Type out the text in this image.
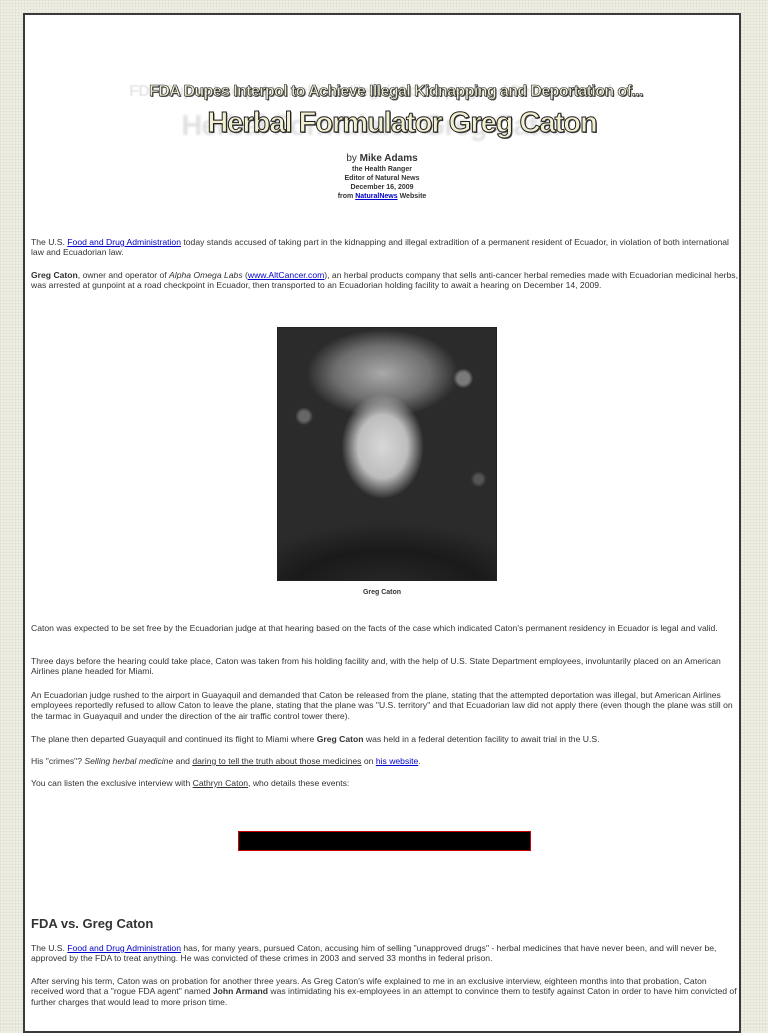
FDA Dupes Interpol to Achieve Illegal Kidnapping and Deportation of...
Herbal Formulator Greg Caton
by Mike Adams
the Health Ranger
Editor of Natural News
December 16, 2009
from NaturalNews Website

The U.S. Food and Drug Administration today stands accused of taking part in the kidnapping and illegal extradition of a permanent resident of Ecuador, in violation of both international law and Ecuadorian law.

Greg Caton, owner and operator of Alpha Omega Labs (www.AltCancer.com), an herbal products company that sells anti-cancer herbal remedies made with Ecuadorian medicinal herbs, was arrested at gunpoint at a road checkpoint in Ecuador, then transported to an Ecuadorian holding facility to await a hearing on December 14, 2009.

Greg Caton

Caton was expected to be set free by the Ecuadorian judge at that hearing based on the facts of the case which indicated Caton's permanent residency in Ecuador is legal and valid.

Three days before the hearing could take place, Caton was taken from his holding facility and, with the help of U.S. State Department employees, involuntarily placed on an American Airlines plane headed for Miami.

An Ecuadorian judge rushed to the airport in Guayaquil and demanded that Caton be released from the plane, stating that the attempted deportation was illegal, but American Airlines employees reportedly refused to allow Caton to leave the plane, stating that the plane was "U.S. territory" and that Ecuadorian law did not apply there (even though the plane was still on the tarmac in Guayaquil and under the direction of the air traffic control tower there).

The plane then departed Guayaquil and continued its flight to Miami where Greg Caton was held in a federal detention facility to await trial in the U.S.

His "crimes"? Selling herbal medicine and daring to tell the truth about those medicines on his website.

You can listen the exclusive interview with Cathryn Caton, who details these events:

FDA vs. Greg Caton

The U.S. Food and Drug Administration has, for many years, pursued Caton, accusing him of selling "unapproved drugs" - herbal medicines that have never been, and will never be, approved by the FDA to treat anything. He was convicted of these crimes in 2003 and served 33 months in federal prison.

After serving his term, Caton was on probation for another three years. As Greg Caton's wife explained to me in an exclusive interview, eighteen months into that probation, Caton received word that a "rogue FDA agent" named John Armand was intimidating his ex-employees in an attempt to convince them to testify against Caton in order to have him convicted of further charges that would lead to more prison time.
